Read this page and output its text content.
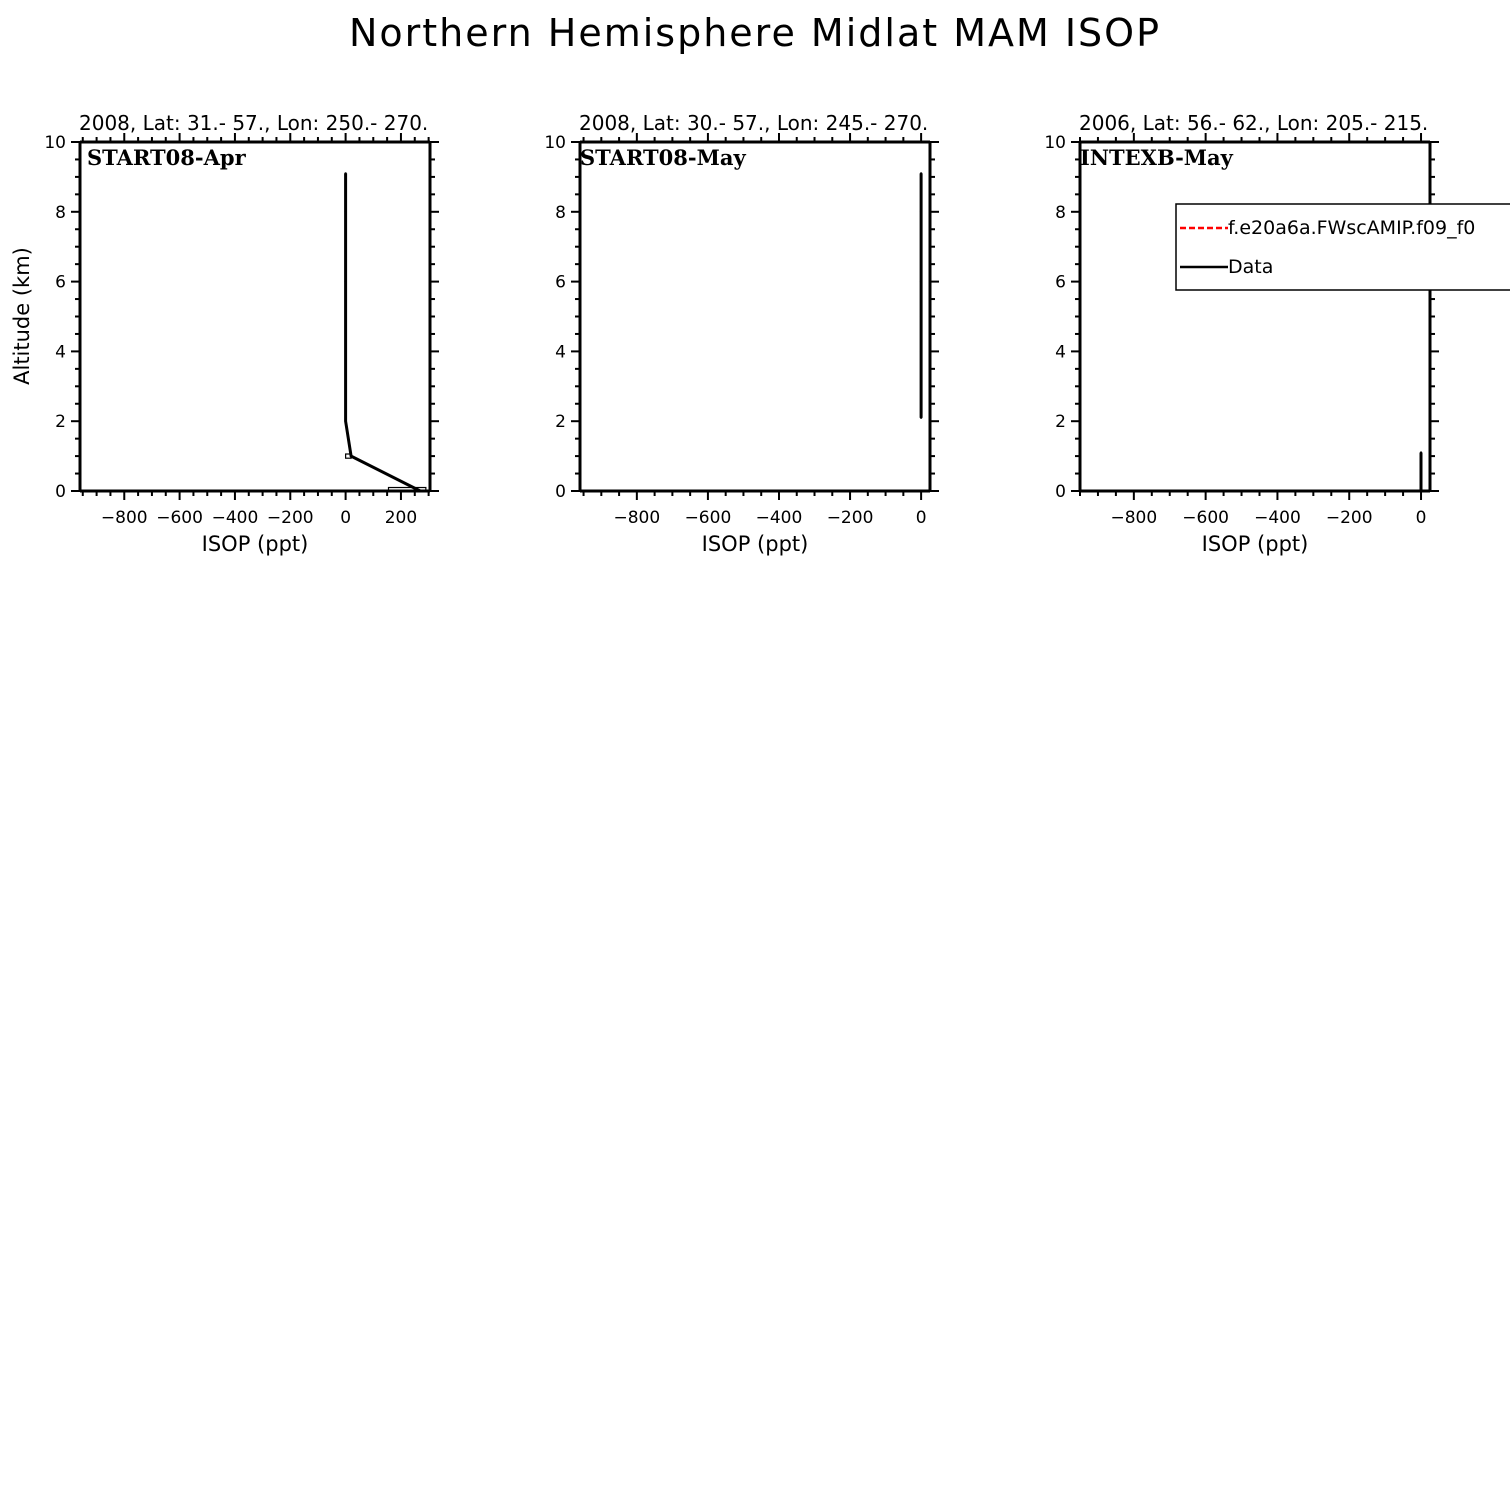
Northern Hemisphere Midlat MAM ISOP
Altitude (km)
2008, Lat: 31.- 57., Lon: 250.- 270.
START08-Apr
ISOP (ppt)
0
2
4
6
8
10
−800 −600 −400 −200 0 200
2008, Lat: 30.- 57., Lon: 245.- 270.
START08-May
ISOP (ppt)
0
2
4
6
8
10
−800 −600 −400 −200 0
2006, Lat: 56.- 62., Lon: 205.- 215.
INTEXB-May
ISOP (ppt)
0
2
4
6
8
10
−800 −600 −400 −200	0
f.e20a6a.FWscAMIP.f09_f0
Data
